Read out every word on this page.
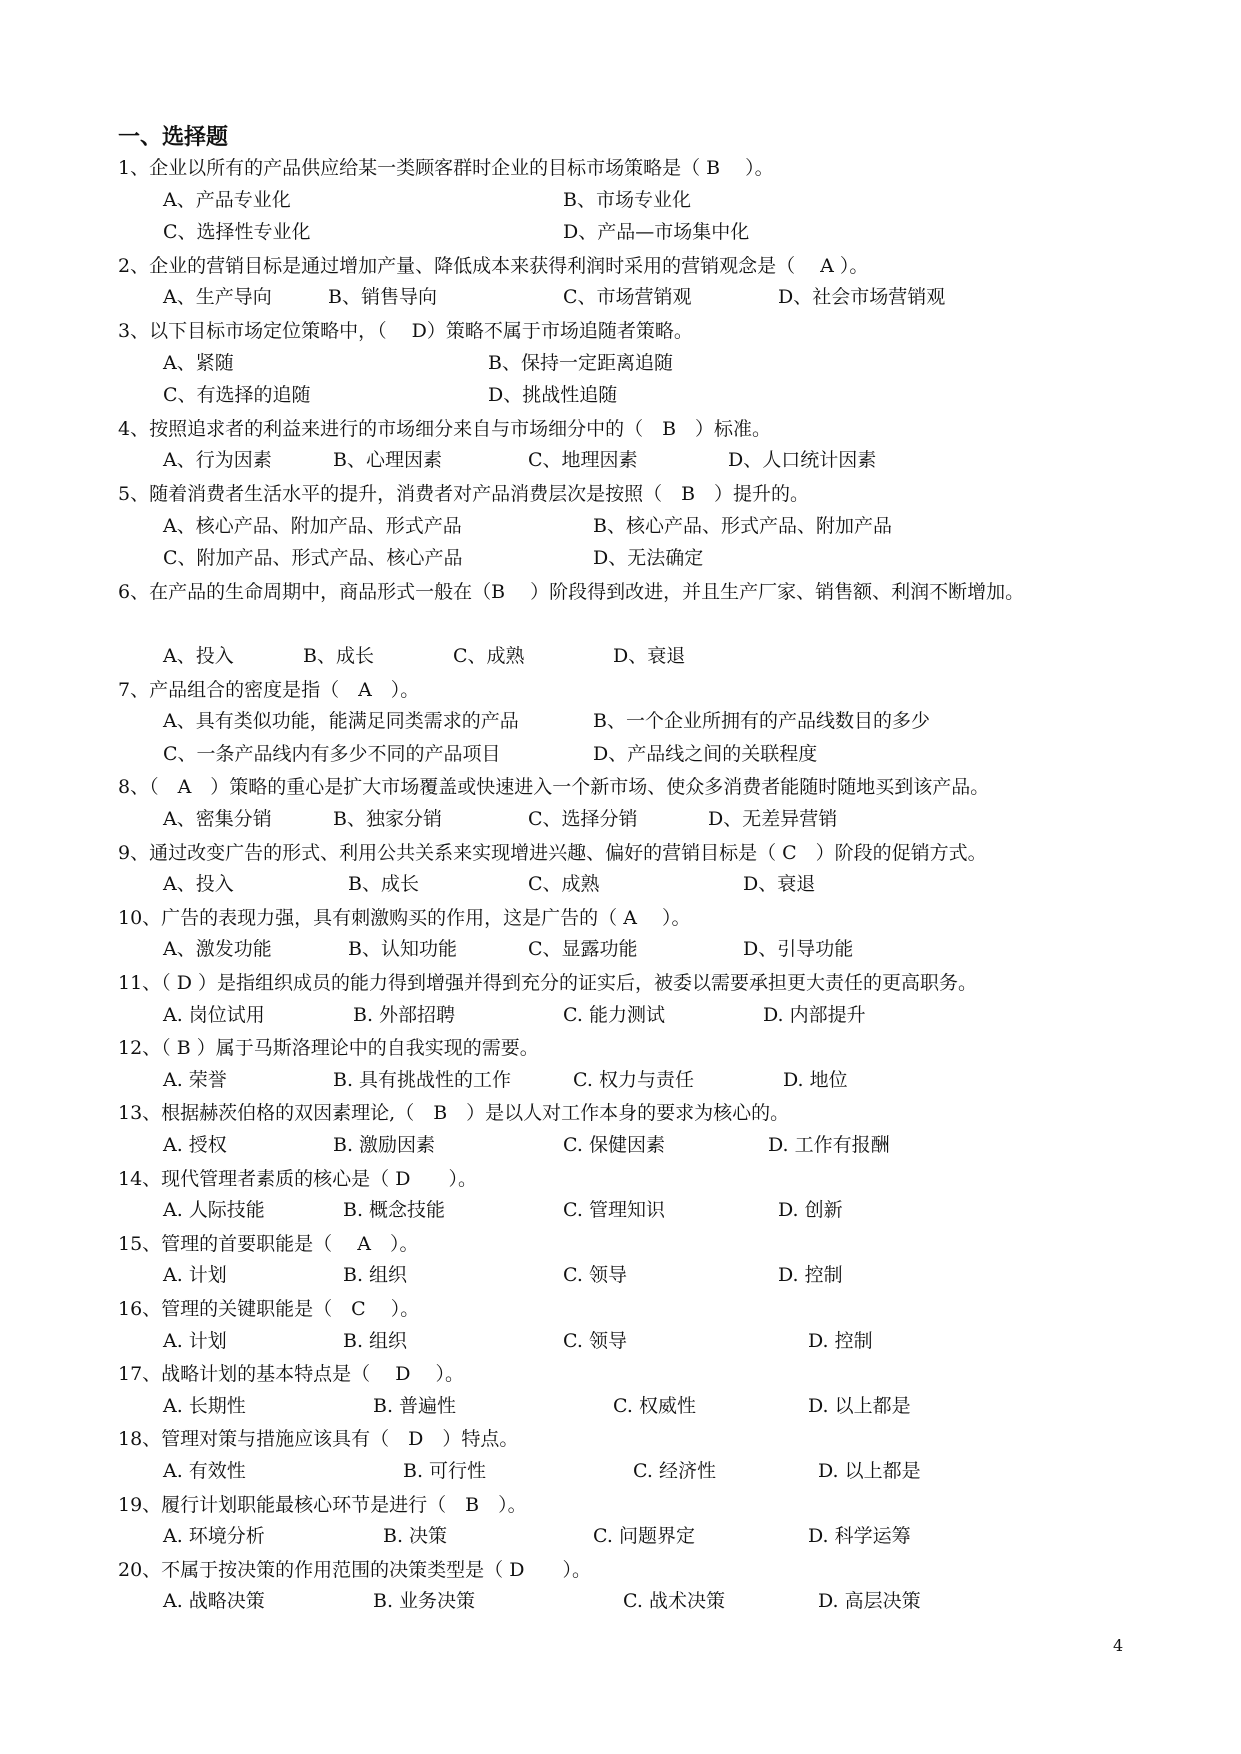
一、选择题
1、企业以所有的产品供应给某一类顾客群时企业的目标市场策略是（ B　 ）。
A、产品专业化	B、市场专业化
C、选择性专业化	D、产品—市场集中化
2、企业的营销目标是通过增加产量、降低成本来获得利润时采用的营销观念是（　 A ）。
A、生产导向	B、销售导向	C、市场营销观	D、社会市场营销观
3、以下目标市场定位策略中，（　 D）策略不属于市场追随者策略。
A、紧随	B、保持一定距离追随
C、有选择的追随	D、挑战性追随
4、按照追求者的利益来进行的市场细分来自与市场细分中的（　B　）标准。
A、行为因素	B、心理因素	C、地理因素	D、人口统计因素
5、随着消费者生活水平的提升，消费者对产品消费层次是按照（　B　）提升的。
A、核心产品、附加产品、形式产品	B、核心产品、形式产品、附加产品
C、附加产品、形式产品、核心产品	D、无法确定
6、在产品的生命周期中，商品形式一般在（B　 ）阶段得到改进，并且生产厂家、销售额、利润不断增加。
A、投入	B、成长	C、成熟	D、衰退
7、产品组合的密度是指（　A　）。
A、具有类似功能，能满足同类需求的产品	B、一个企业所拥有的产品线数目的多少
C、一条产品线内有多少不同的产品项目	D、产品线之间的关联程度
8、（　A　）策略的重心是扩大市场覆盖或快速进入一个新市场、使众多消费者能随时随地买到该产品。
A、密集分销	B、独家分销	C、选择分销	D、无差异营销
9、通过改变广告的形式、利用公共关系来实现增进兴趣、偏好的营销目标是（ C　）阶段的促销方式。
A、投入	B、成长	C、成熟	D、衰退
10、广告的表现力强，具有刺激购买的作用，这是广告的（ A　 ）。
A、激发功能	B、认知功能	C、显露功能	D、引导功能
11、（ D ）是指组织成员的能力得到增强并得到充分的证实后，被委以需要承担更大责任的更高职务。
A. 岗位试用	B. 外部招聘	C. 能力测试	D. 内部提升
12、（ B ）属于马斯洛理论中的自我实现的需要。
A. 荣誉	B. 具有挑战性的工作	C. 权力与责任	D. 地位
13、根据赫茨伯格的双因素理论,（　B　）是以人对工作本身的要求为核心的。
A. 授权	B. 激励因素	C. 保健因素	D. 工作有报酬
14、现代管理者素质的核心是（ D　　）。
A. 人际技能	B. 概念技能	C. 管理知识	D. 创新
15、管理的首要职能是（　 A　）。
A. 计划	B. 组织	C. 领导	D. 控制
16、管理的关键职能是（　C　 ）。
A. 计划	B. 组织	C. 领导	D. 控制
17、战略计划的基本特点是（　 D　 ）。
A. 长期性	B. 普遍性	C. 权威性	D. 以上都是
18、管理对策与措施应该具有（　D　）特点。
A. 有效性	B. 可行性	C. 经济性	D. 以上都是
19、履行计划职能最核心环节是进行（　B　）。
A. 环境分析	B. 决策	C. 问题界定	D. 科学运筹
20、不属于按决策的作用范围的决策类型是（ D　　）。
A. 战略决策	B. 业务决策	C. 战术决策	D. 高层决策
4
